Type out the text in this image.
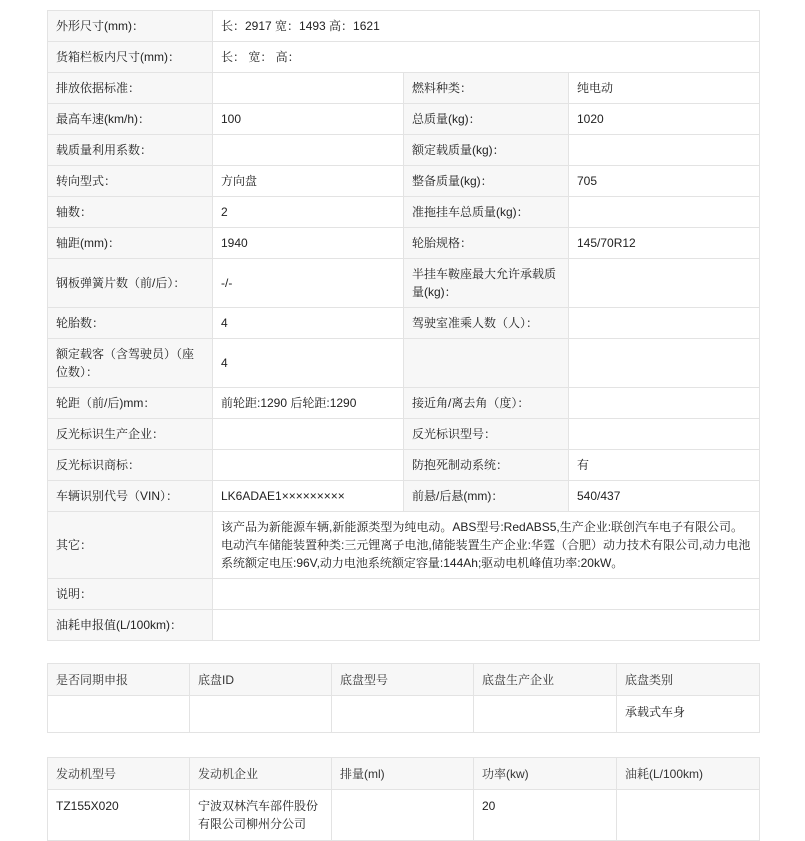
外形尺寸(mm)：	长：2917 宽：1493 高：1621		
货箱栏板内尺寸(mm)：	长： 宽： 高：		
排放依据标准：		燃料种类：	纯电动
最高车速(km/h)：	100	总质量(kg)：	1020
载质量利用系数：		额定载质量(kg)：	
转向型式：	方向盘	整备质量(kg)：	705
轴数：	2	准拖挂车总质量(kg)：	
轴距(mm)：	1940	轮胎规格：	145/70R12
钢板弹簧片数（前/后）：	-/-	半挂车鞍座最大允许承载质量(kg)：	
轮胎数：	4	驾驶室准乘人数（人）：	
额定载客（含驾驶员）（座位数）：	4		
轮距（前/后)mm：	前轮距:1290 后轮距:1290	接近角/离去角（度）：	
反光标识生产企业：		反光标识型号：	
反光标识商标：		防抱死制动系统：	有
车辆识别代号（VIN）：	LK6ADAE1×××××××××	前悬/后悬(mm)：	540/437
其它：	该产品为新能源车辆,新能源类型为纯电动。ABS型号:RedABS5,生产企业:联创汽车电子有限公司。电动汽车储能装置种类:三元锂离子电池,储能装置生产企业:华霆（合肥）动力技术有限公司,动力电池系统额定电压:96V,动力电池系统额定容量:144Ah;驱动电机峰值功率:20kW。		
说明：			
油耗申报值(L/100km)：			
是否同期申报	底盘ID	底盘型号	底盘生产企业	底盘类别
				承载式车身
发动机型号	发动机企业	排量(ml)	功率(kw)	油耗(L/100km)
TZ155X020	宁波双林汽车部件股份有限公司柳州分公司		20	
